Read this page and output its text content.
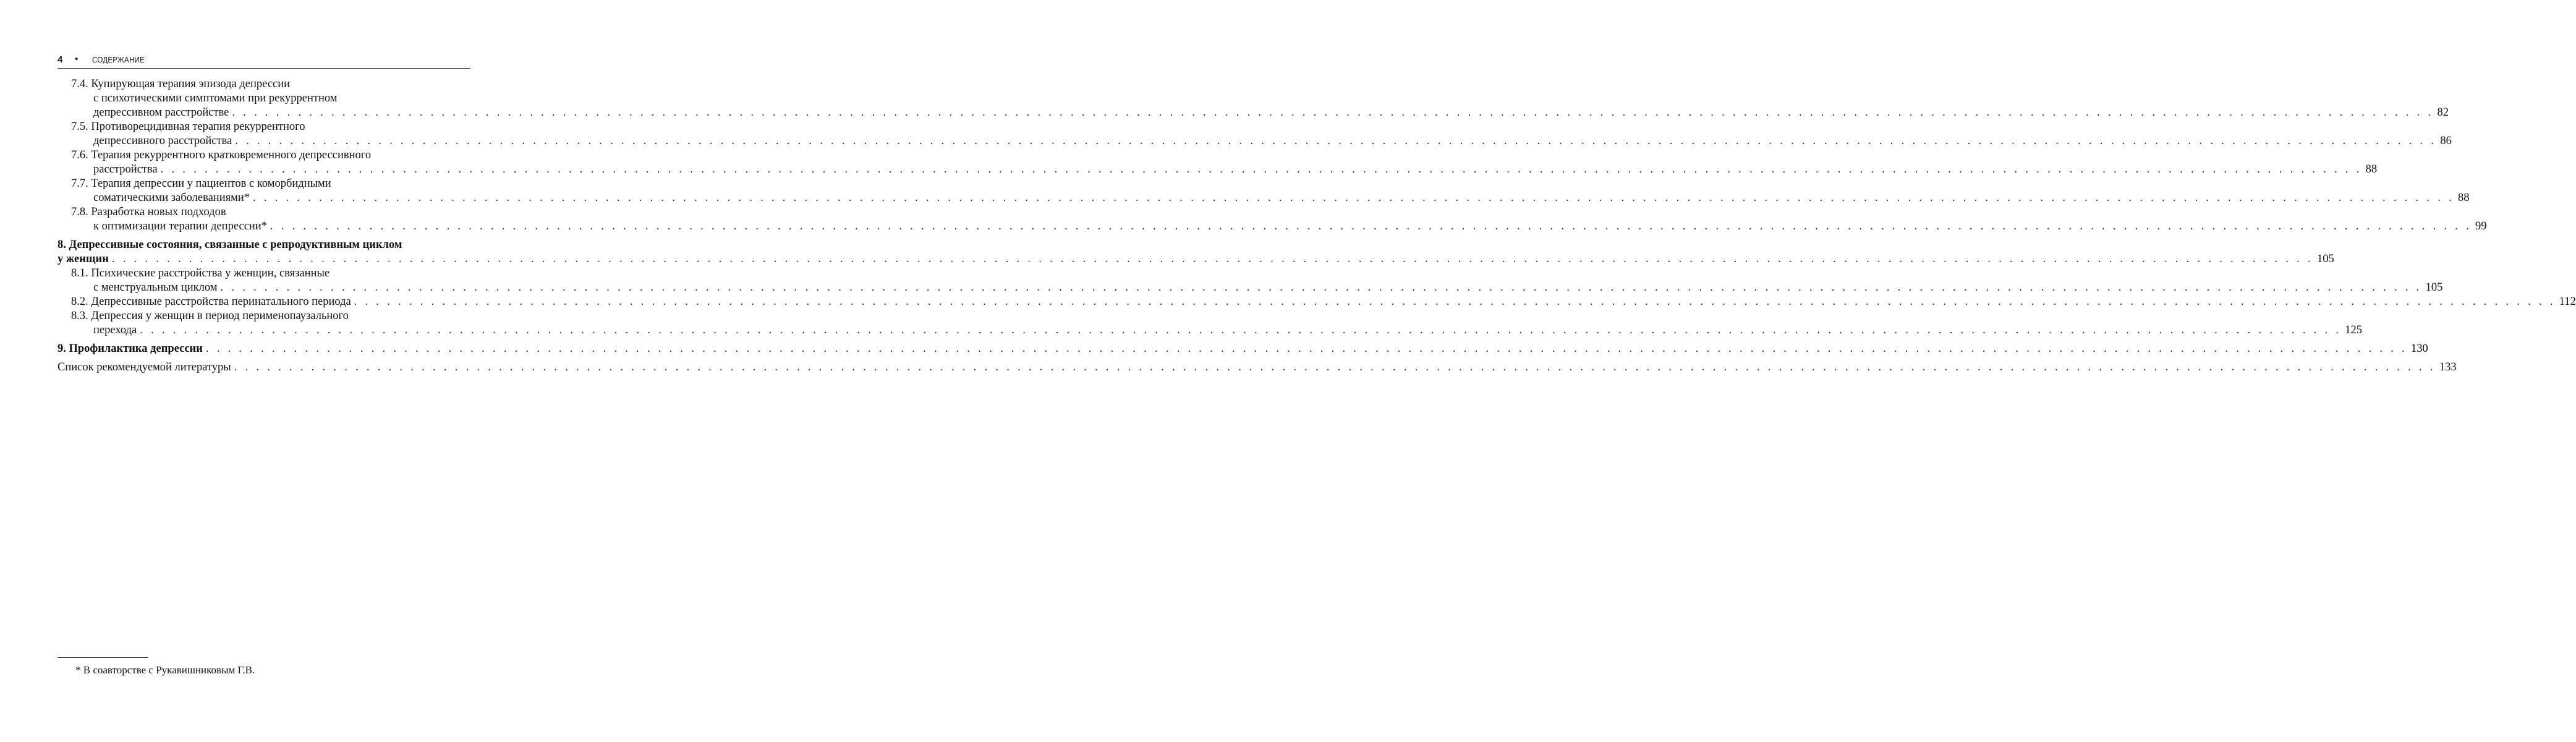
4 • СОДЕРЖАНИЕ
7.4. Купирующая терапия эпизода депрессии
с психотическими симптомами при рекуррентном
депрессивном расстройстве . . . . . . . . . . . . . . . . . . . . . . . . . . . . . . . . . . . . . . . . . . . . . . . . . . . . . . . . . . . . . . . . . . . . . . . . . . . . . . . . . . . . . . . . . . . . . . . . . . . . . . . . . . . . . . . . . . . . . . . . . . . . . . . . . . . . . . . . . . . . . . . . . . . . . . . . . . . . . . . . . . . . . . . . . . . . . . . . . . . . . . . . . . . . . . . . . . . . . . . . 82
7.5. Противорецидивная терапия рекуррентного
депрессивного расстройства . . . . . . . . . . . . . . . . . . . . . . . . . . . . . . . . . . . . . . . . . . . . . . . . . . . . . . . . . . . . . . . . . . . . . . . . . . . . . . . . . . . . . . . . . . . . . . . . . . . . . . . . . . . . . . . . . . . . . . . . . . . . . . . . . . . . . . . . . . . . . . . . . . . . . . . . . . . . . . . . . . . . . . . . . . . . . . . . . . . . . . . . . . . . . . . . . . . . . . . . 86
7.6. Терапия рекуррентного кратковременного депрессивного
расстройства . . . . . . . . . . . . . . . . . . . . . . . . . . . . . . . . . . . . . . . . . . . . . . . . . . . . . . . . . . . . . . . . . . . . . . . . . . . . . . . . . . . . . . . . . . . . . . . . . . . . . . . . . . . . . . . . . . . . . . . . . . . . . . . . . . . . . . . . . . . . . . . . . . . . . . . . . . . . . . . . . . . . . . . . . . . . . . . . . . . . . . . . . . . . . . . . . . . . . . . . 88
7.7. Терапия депрессии у пациентов с коморбидными
соматическими заболеваниями* . . . . . . . . . . . . . . . . . . . . . . . . . . . . . . . . . . . . . . . . . . . . . . . . . . . . . . . . . . . . . . . . . . . . . . . . . . . . . . . . . . . . . . . . . . . . . . . . . . . . . . . . . . . . . . . . . . . . . . . . . . . . . . . . . . . . . . . . . . . . . . . . . . . . . . . . . . . . . . . . . . . . . . . . . . . . . . . . . . . . . . . . . . . . . . . . . . . . . . . . 88
7.8. Разработка новых подходов
к оптимизации терапии депрессии* . . . . . . . . . . . . . . . . . . . . . . . . . . . . . . . . . . . . . . . . . . . . . . . . . . . . . . . . . . . . . . . . . . . . . . . . . . . . . . . . . . . . . . . . . . . . . . . . . . . . . . . . . . . . . . . . . . . . . . . . . . . . . . . . . . . . . . . . . . . . . . . . . . . . . . . . . . . . . . . . . . . . . . . . . . . . . . . . . . . . . . . . . . . . . . . . . . . . . . . . 99
8. Депрессивные состояния, связанные с репродуктивным циклом
у женщин . . . . . . . . . . . . . . . . . . . . . . . . . . . . . . . . . . . . . . . . . . . . . . . . . . . . . . . . . . . . . . . . . . . . . . . . . . . . . . . . . . . . . . . . . . . . . . . . . . . . . . . . . . . . . . . . . . . . . . . . . . . . . . . . . . . . . . . . . . . . . . . . . . . . . . . . . . . . . . . . . . . . . . . . . . . . . . . . . . . . . . . . . . . . . . . . . . . . . . . . 105
8.1. Психические расстройства у женщин, связанные
с менструальным циклом . . . . . . . . . . . . . . . . . . . . . . . . . . . . . . . . . . . . . . . . . . . . . . . . . . . . . . . . . . . . . . . . . . . . . . . . . . . . . . . . . . . . . . . . . . . . . . . . . . . . . . . . . . . . . . . . . . . . . . . . . . . . . . . . . . . . . . . . . . . . . . . . . . . . . . . . . . . . . . . . . . . . . . . . . . . . . . . . . . . . . . . . . . . . . . . . . . . . . . . . 105
8.2. Депрессивные расстройства перинатального периода . . . . . . . . . . . . . . . . . . . . . . . . . . . . . . . . . . . . . . . . . . . . . . . . . . . . . . . . . . . . . . . . . . . . . . . . . . . . . . . . . . . . . . . . . . . . . . . . . . . . . . . . . . . . . . . . . . . . . . . . . . . . . . . . . . . . . . . . . . . . . . . . . . . . . . . . . . . . . . . . . . . . . . . . . . . . . . . . . . . . . . . . . . . . . . . . . . . . . . . . 112
8.3. Депрессия у женщин в период перименопаузального
перехода . . . . . . . . . . . . . . . . . . . . . . . . . . . . . . . . . . . . . . . . . . . . . . . . . . . . . . . . . . . . . . . . . . . . . . . . . . . . . . . . . . . . . . . . . . . . . . . . . . . . . . . . . . . . . . . . . . . . . . . . . . . . . . . . . . . . . . . . . . . . . . . . . . . . . . . . . . . . . . . . . . . . . . . . . . . . . . . . . . . . . . . . . . . . . . . . . . . . . . . . 125
9. Профилактика депрессии . . . . . . . . . . . . . . . . . . . . . . . . . . . . . . . . . . . . . . . . . . . . . . . . . . . . . . . . . . . . . . . . . . . . . . . . . . . . . . . . . . . . . . . . . . . . . . . . . . . . . . . . . . . . . . . . . . . . . . . . . . . . . . . . . . . . . . . . . . . . . . . . . . . . . . . . . . . . . . . . . . . . . . . . . . . . . . . . . . . . . . . . . . . . . . . . . . . . . . . . 130
Список рекомендуемой литературы . . . . . . . . . . . . . . . . . . . . . . . . . . . . . . . . . . . . . . . . . . . . . . . . . . . . . . . . . . . . . . . . . . . . . . . . . . . . . . . . . . . . . . . . . . . . . . . . . . . . . . . . . . . . . . . . . . . . . . . . . . . . . . . . . . . . . . . . . . . . . . . . . . . . . . . . . . . . . . . . . . . . . . . . . . . . . . . . . . . . . . . . . . . . . . . . . . . . . . . . 133
* В соавторстве с Рукавишниковым Г.В.
